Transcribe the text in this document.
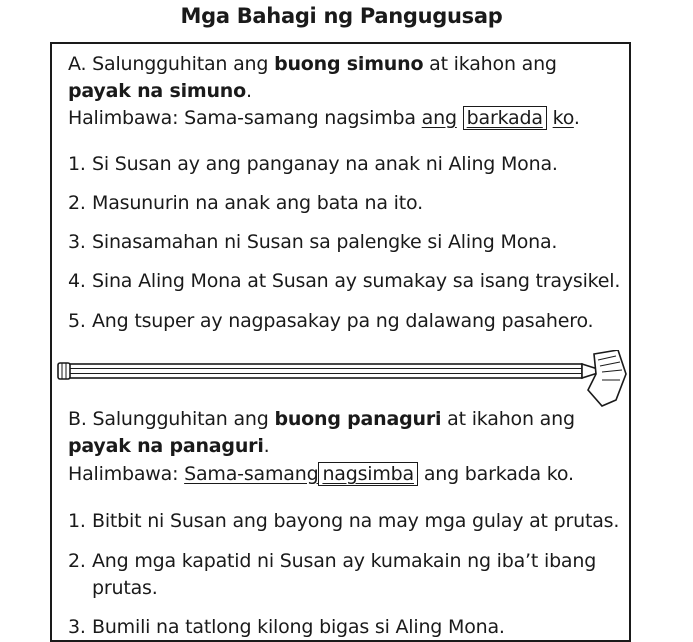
Mga Bahagi ng Pangugusap
A. Salungguhitan ang buong simuno at ikahon ang payak na simuno.
Halimbawa: Sama-samang nagsimba ang barkada ko.
1. Si Susan ay ang panganay na anak ni Aling Mona.
2. Masunurin na anak ang bata na ito.
3. Sinasamahan ni Susan sa palengke si Aling Mona.
4. Sina Aling Mona at Susan ay sumakay sa isang traysikel.
5. Ang tsuper ay nagpasakay pa ng dalawang pasahero.
B. Salungguhitan ang buong panaguri at ikahon ang
payak na panaguri.
Halimbawa: Sama-samang nagsimba ang barkada ko.
1. Bitbit ni Susan ang bayong na may mga gulay at prutas.
2. Ang mga kapatid ni Susan ay kumakain ng iba’t ibang
prutas.
3. Bumili na tatlong kilong bigas si Aling Mona.
